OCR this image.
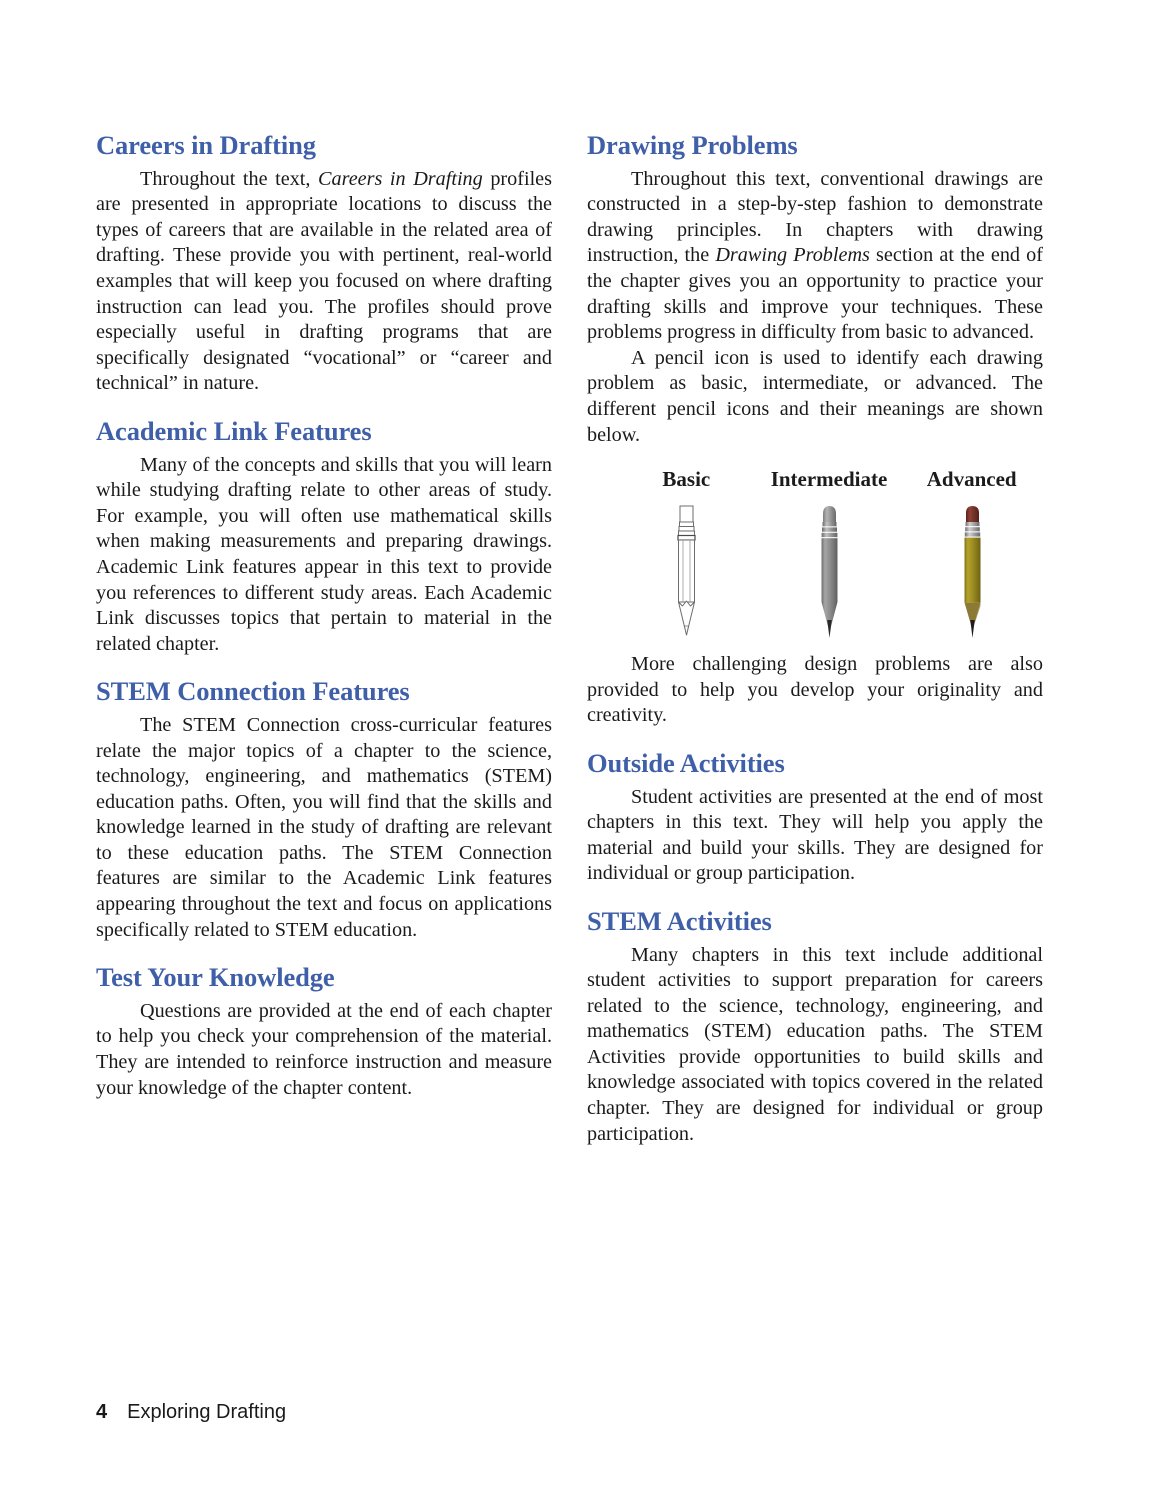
Careers in Drafting

Throughout the text, Careers in Drafting profiles are presented in appropriate locations to discuss the types of careers that are available in the related area of drafting. These provide you with pertinent, real-world examples that will keep you focused on where drafting instruction can lead you. The profiles should prove especially useful in drafting programs that are specifically designated “vocational” or “career and technical” in nature.

Academic Link Features

Many of the concepts and skills that you will learn while studying drafting relate to other areas of study. For example, you will often use mathematical skills when making measurements and preparing drawings. Academic Link features appear in this text to provide you references to different study areas. Each Academic Link discusses topics that pertain to material in the related chapter.

STEM Connection Features

The STEM Connection cross-curricular features relate the major topics of a chapter to the science, technology, engineering, and mathematics (STEM) education paths. Often, you will find that the skills and knowledge learned in the study of drafting are relevant to these education paths. The STEM Connection features are similar to the Academic Link features appearing throughout the text and focus on applications specifically related to STEM education.

Test Your Knowledge

Questions are provided at the end of each chapter to help you check your comprehension of the material. They are intended to reinforce instruction and measure your knowledge of the chapter content.

Drawing Problems

Throughout this text, conventional drawings are constructed in a step-by-step fashion to demonstrate drawing principles. In chapters with drawing instruction, the Drawing Problems section at the end of the chapter gives you an opportunity to practice your drafting skills and improve your techniques. These problems progress in difficulty from basic to advanced.

A pencil icon is used to identify each drawing problem as basic, intermediate, or advanced. The different pencil icons and their meanings are shown below.

Basic	Intermediate	Advanced

More challenging design problems are also provided to help you develop your originality and creativity.

Outside Activities

Student activities are presented at the end of most chapters in this text. They will help you apply the material and build your skills. They are designed for individual or group participation.

STEM Activities

Many chapters in this text include additional student activities to support preparation for careers related to the science, technology, engineering, and mathematics (STEM) education paths. The STEM Activities provide opportunities to build skills and knowledge associated with topics covered in the related chapter. They are designed for individual or group participation.

4 Exploring Drafting
